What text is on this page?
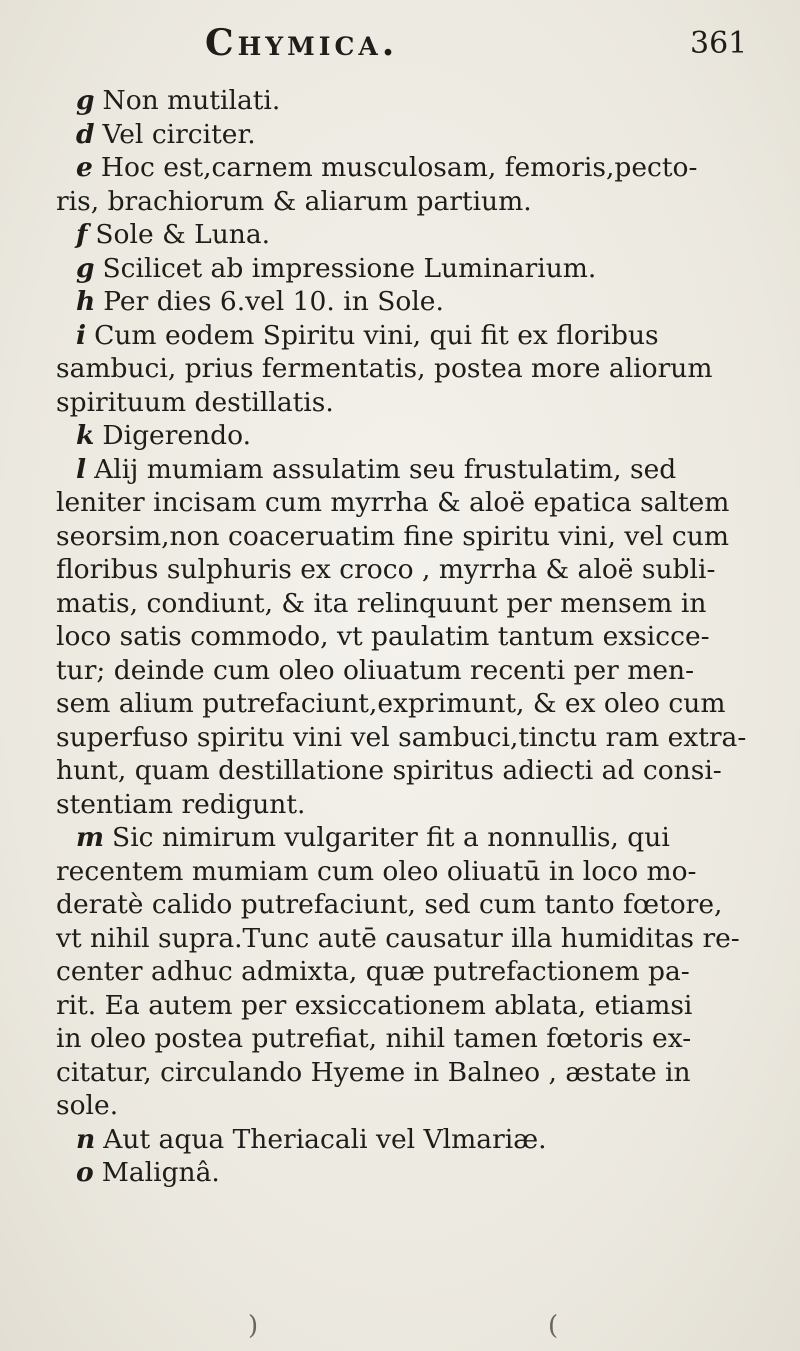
Chymica.	361
g Non mutilati.
d Vel circiter.
e Hoc est,carnem musculosam, femoris,pecto-
ris, brachiorum & aliarum partium.
f Sole & Luna.
g Scilicet ab impressione Luminarium.
h Per dies 6.vel 10. in Sole.
i Cum eodem Spiritu vini, qui fit ex floribus
sambuci, prius fermentatis, postea more aliorum
spirituum destillatis.
k Digerendo.
l Alij mumiam assulatim seu frustulatim, sed
leniter incisam cum myrrha & aloë epatica saltem
seorsim,non coaceruatim fine spiritu vini, vel cum
floribus sulphuris ex croco , myrrha & aloë subli-
matis, condiunt, & ita relinquunt per mensem in
loco satis commodo, vt paulatim tantum exsicce-
tur; deinde cum oleo oliuatum recenti per men-
sem alium putrefaciunt,exprimunt, & ex oleo cum
superfuso spiritu vini vel sambuci,tinctu ram extra-
hunt, quam destillatione spiritus adiecti ad consi-
stentiam redigunt.
m Sic nimirum vulgariter fit a nonnullis, qui
recentem mumiam cum oleo oliuatū in loco mo-
deratè calido putrefaciunt, sed cum tanto fœtore,
vt nihil supra.Tunc autē causatur illa humiditas re-
center adhuc admixta, quæ putrefactionem pa-
rit. Ea autem per exsiccationem ablata, etiamsi
in oleo postea putrefiat, nihil tamen fœtoris ex-
citatur, circulando Hyeme in Balneo , æstate in
sole.
n Aut aqua Theriacali vel Vlmariæ.
o Malignâ.
)	(
